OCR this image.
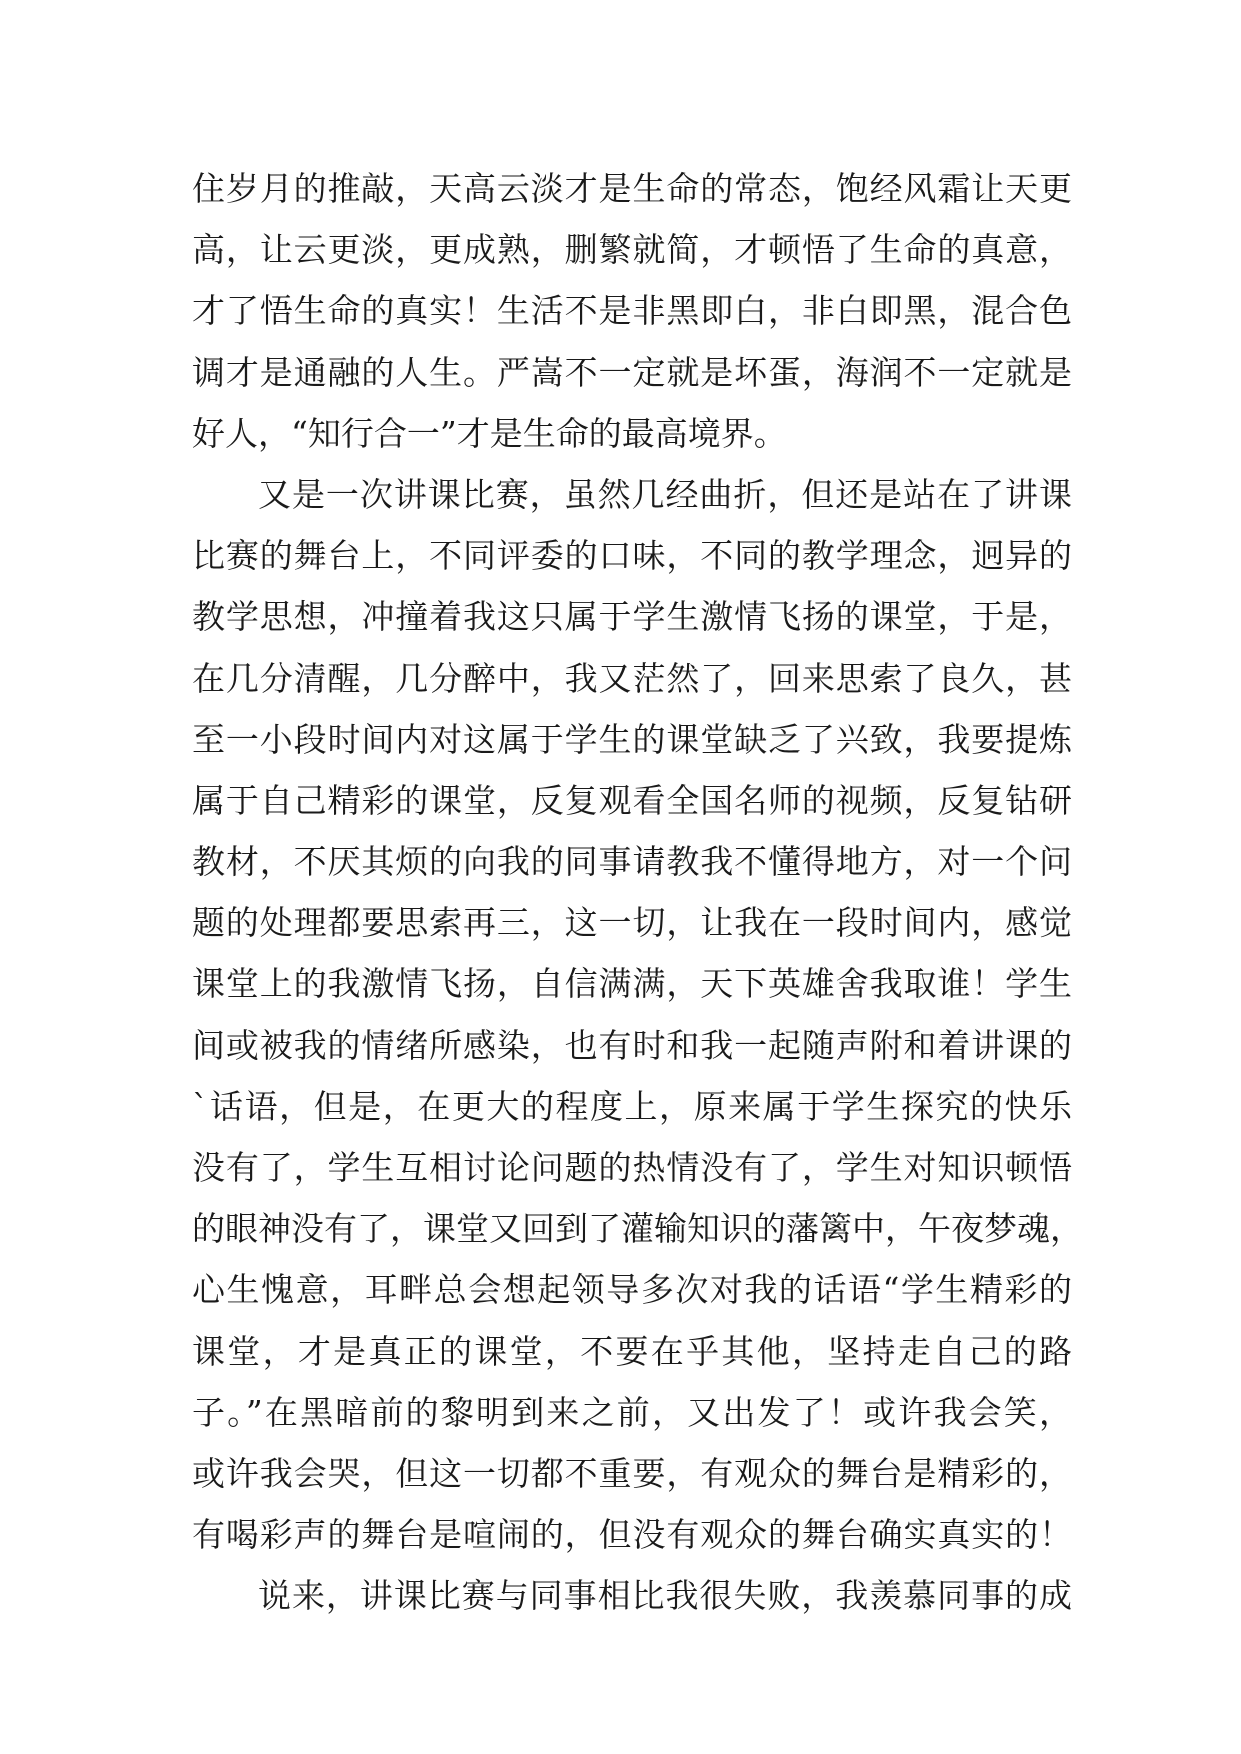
住岁月的推敲，天高云淡才是生命的常态，饱经风霜让天更
高，让云更淡，更成熟，删繁就简，才顿悟了生命的真意，
才了悟生命的真实！生活不是非黑即白，非白即黑，混合色
调才是通融的人生。严嵩不一定就是坏蛋，海润不一定就是
好人，“知行合一”才是生命的最高境界。
又是一次讲课比赛，虽然几经曲折，但还是站在了讲课
比赛的舞台上，不同评委的口味，不同的教学理念，迥异的
教学思想，冲撞着我这只属于学生激情飞扬的课堂，于是，
在几分清醒，几分醉中，我又茫然了，回来思索了良久，甚
至一小段时间内对这属于学生的课堂缺乏了兴致，我要提炼
属于自己精彩的课堂，反复观看全国名师的视频，反复钻研
教材，不厌其烦的向我的同事请教我不懂得地方，对一个问
题的处理都要思索再三，这一切，让我在一段时间内，感觉
课堂上的我激情飞扬，自信满满，天下英雄舍我取谁！学生
间或被我的情绪所感染，也有时和我一起随声附和着讲课的
`话语，但是，在更大的程度上，原来属于学生探究的快乐
没有了，学生互相讨论问题的热情没有了，学生对知识顿悟
的眼神没有了，课堂又回到了灌输知识的藩篱中，午夜梦魂，
心生愧意，耳畔总会想起领导多次对我的话语“学生精彩的
课堂，才是真正的课堂，不要在乎其他，坚持走自己的路
子。”在黑暗前的黎明到来之前，又出发了！或许我会笑，
或许我会哭，但这一切都不重要，有观众的舞台是精彩的，
有喝彩声的舞台是喧闹的，但没有观众的舞台确实真实的！
说来，讲课比赛与同事相比我很失败，我羡慕同事的成
